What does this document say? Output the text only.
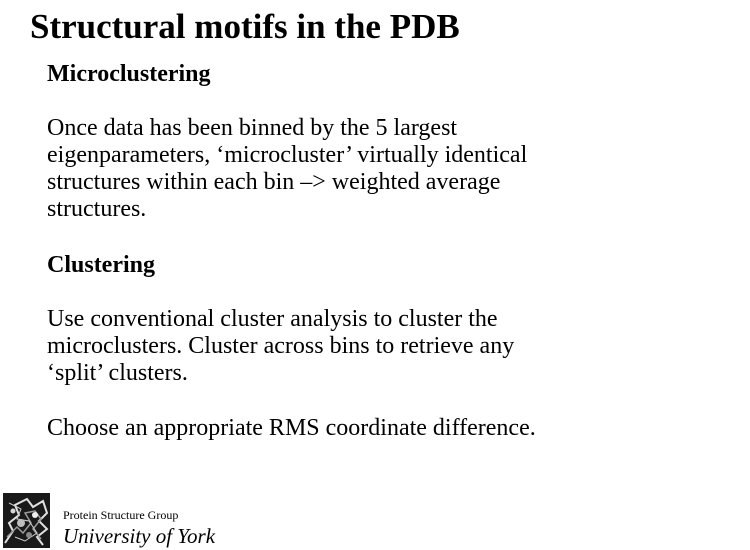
Structural motifs in the PDB
Microclustering
Once data has been binned by the 5 largest
eigenparameters, ‘microcluster’ virtually identical
structures within each bin –> weighted average
structures.
Clustering
Use conventional cluster analysis to cluster the
microclusters. Cluster across bins to retrieve any
‘split’ clusters.
Choose an appropriate RMS coordinate difference.
Protein Structure Group
University of York
